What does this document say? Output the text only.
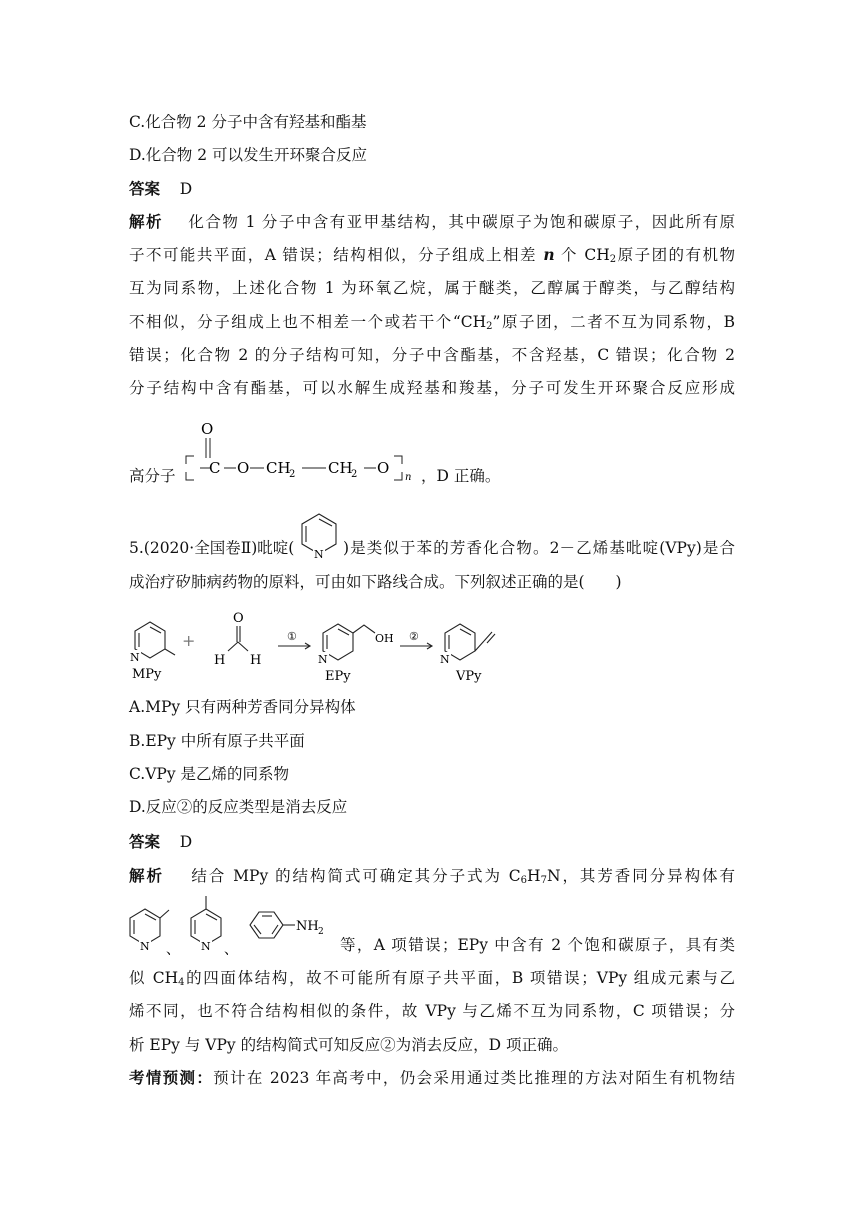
C.化合物 2 分子中含有羟基和酯基
D.化合物 2 可以发生开环聚合反应
答案 D
解析 化合物 1 分子中含有亚甲基结构，其中碳原子为饱和碳原子，因此所有原
子不可能共平面，A 错误；结构相似，分子组成上相差 n 个 $CH_2$原子团的有机物
互为同系物，上述化合物 1 为环氧乙烷，属于醚类，乙醇属于醇类，与乙醇结构
不相似，分子组成上也不相差一个或若干个“$CH_2$”原子团，二者不互为同系物，B
错误；化合物 2 的分子结构可知，分子中含酯基，不含羟基，C 错误；化合物 2
分子结构中含有酯基，可以水解生成羟基和羧基，分子可发生开环聚合反应形成
高分子
O
C O CH
2 CH
2 O
n ，D 正确。
5.(2020·全国卷Ⅱ)吡啶( N )是类似于苯的芳香化合物。2－乙烯基吡啶(VPy)是合
成治疗矽肺病药物的原料，可由如下路线合成。下列叙述正确的是(　　)
N
MPy
+
O
H H
①
N
OH
EPy
②
N
VPy
A.MPy 只有两种芳香同分异构体
B.EPy 中所有原子共平面
C.VPy 是乙烯的同系物
D.反应②的反应类型是消去反应
答案 D
解析 结合 MPy 的结构简式可确定其分子式为 $C_6H_7N$，其芳香同分异构体有
N	N
、	、
NH 2
等，A 项错误；EPy 中含有 2 个饱和碳原子，具有类
似 $CH_4$的四面体结构，故不可能所有原子共平面，B 项错误；VPy 组成元素与乙
烯不同，也不符合结构相似的条件，故 VPy 与乙烯不互为同系物，C 项错误；分
析 EPy 与 VPy 的结构简式可知反应②为消去反应，D 项正确。
考情预测：预计在 2023 年高考中，仍会采用通过类比推理的方法对陌生有机物结
